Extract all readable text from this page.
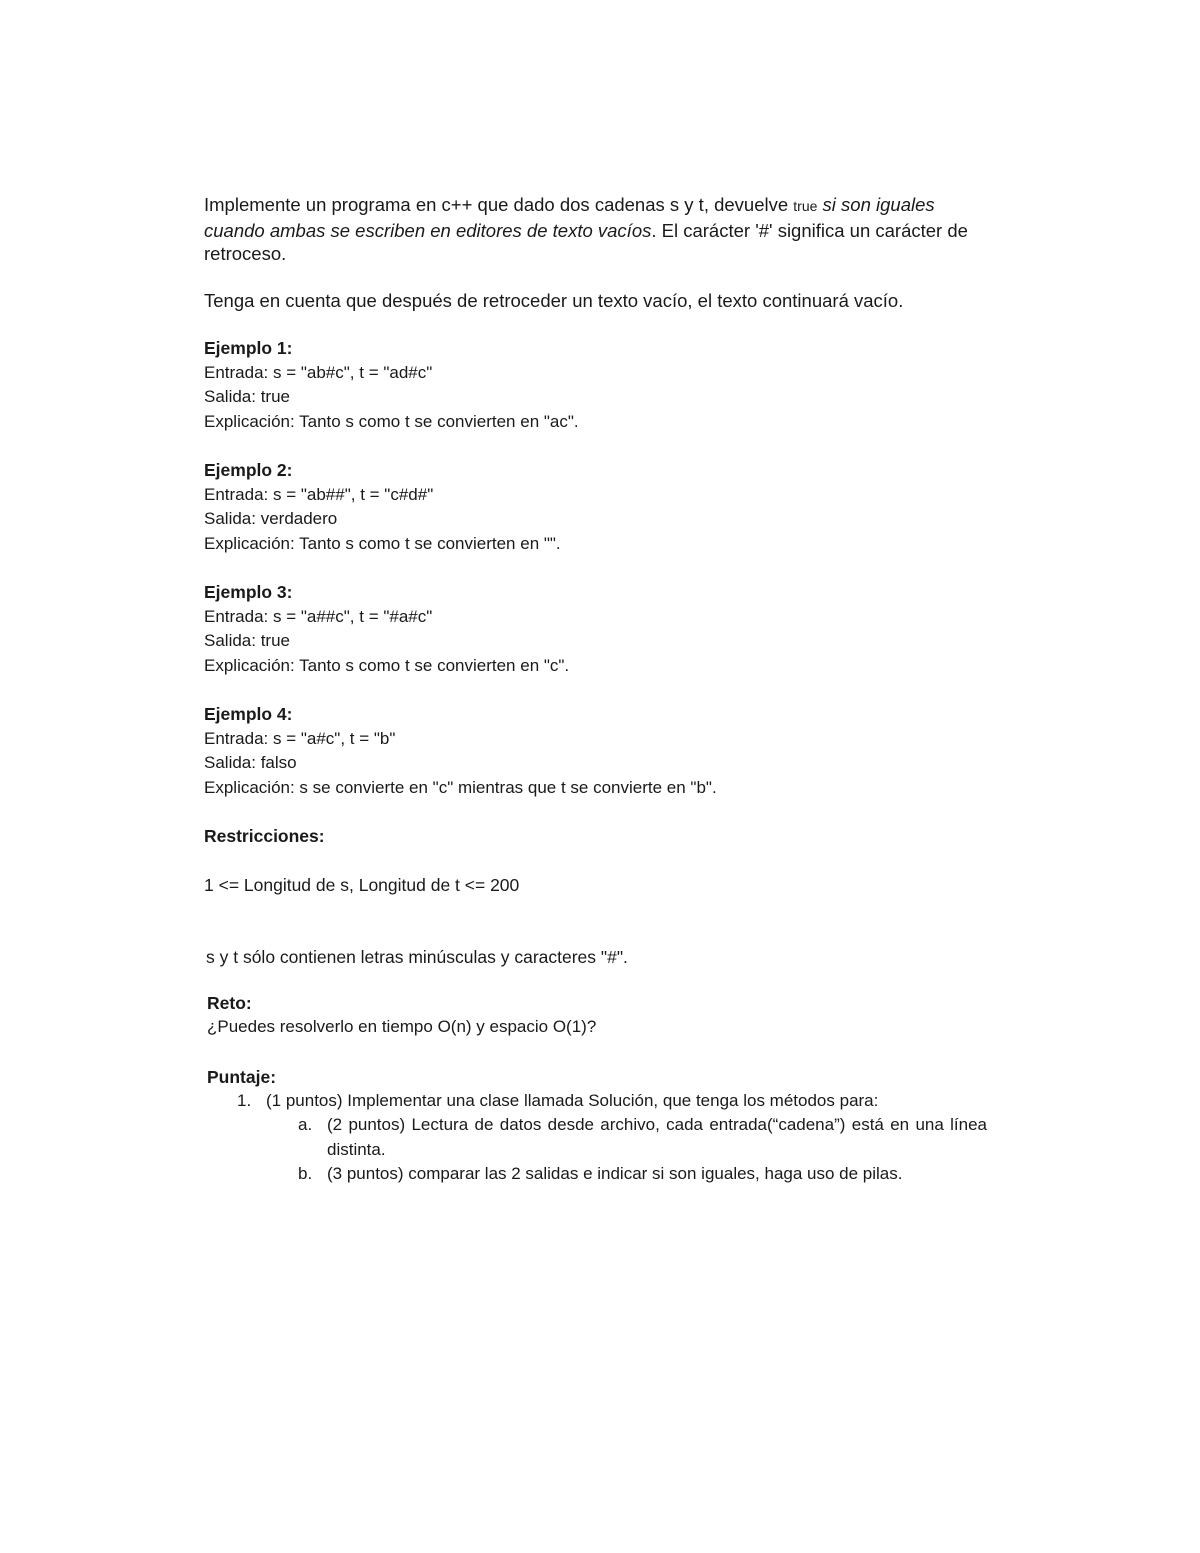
Implemente un programa en c++ que dado dos cadenas s y t, devuelve true si son iguales cuando ambas se escriben en editores de texto vacíos. El carácter '#' significa un carácter de retroceso.

Tenga en cuenta que después de retroceder un texto vacío, el texto continuará vacío.

Ejemplo 1:
Entrada: s = "ab#c", t = "ad#c"
Salida: true
Explicación: Tanto s como t se convierten en "ac".
Ejemplo 2:
Entrada: s = "ab##", t = "c#d#"
Salida: verdadero
Explicación: Tanto s como t se convierten en "".
Ejemplo 3:
Entrada: s = "a##c", t = "#a#c"
Salida: true
Explicación: Tanto s como t se convierten en "c".
Ejemplo 4:
Entrada: s = "a#c", t = "b"
Salida: falso
Explicación: s se convierte en "c" mientras que t se convierte en "b".
Restricciones:
1 <= Longitud de s, Longitud de t <= 200
s y t sólo contienen letras minúsculas y caracteres "#".
Reto:
¿Puedes resolverlo en tiempo O(n) y espacio O(1)?
Puntaje:
1. (1 puntos) Implementar una clase llamada Solución, que tenga los métodos para:
a. (2 puntos) Lectura de datos desde archivo, cada entrada(“cadena”) está en una línea distinta.
b. (3 puntos) comparar las 2 salidas e indicar si son iguales, haga uso de pilas.
